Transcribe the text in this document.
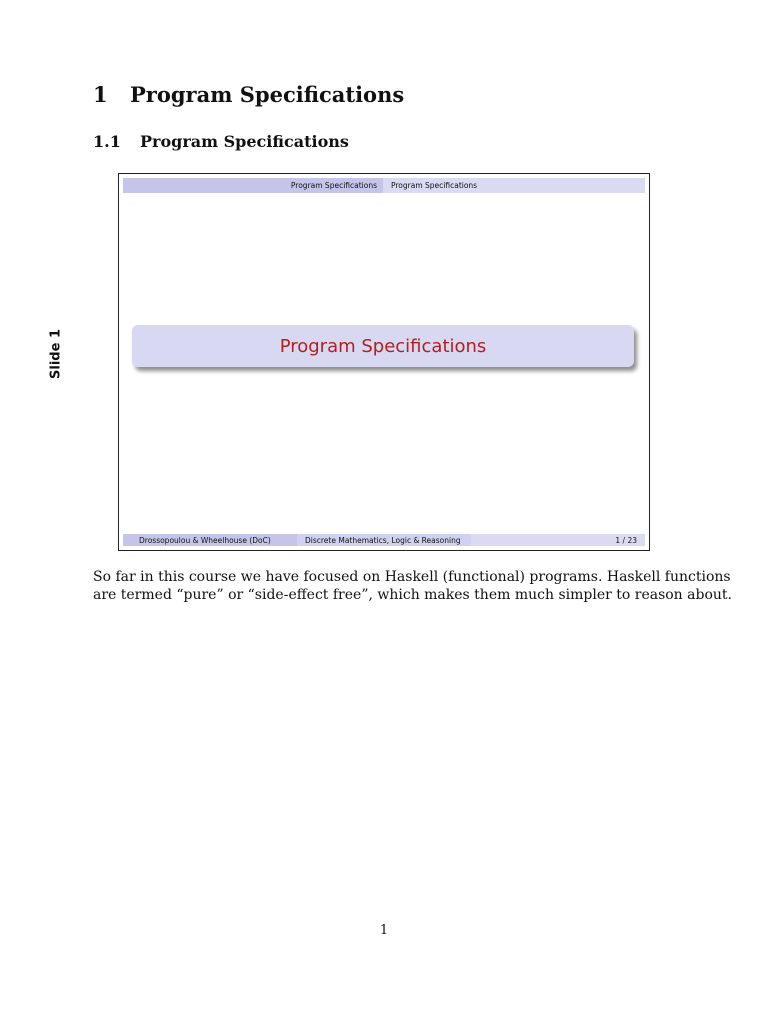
1 Program Specifications
1.1 Program Specifications
Slide 1
Program Specifications	Program Specifications
Program Specifications
Drossopoulou & Wheelhouse (DoC)	Discrete Mathematics, Logic & Reasoning	1 / 23

So far in this course we have focused on Haskell (functional) programs. Haskell functions
are termed “pure” or “side-effect free”, which makes them much simpler to reason about.

1
